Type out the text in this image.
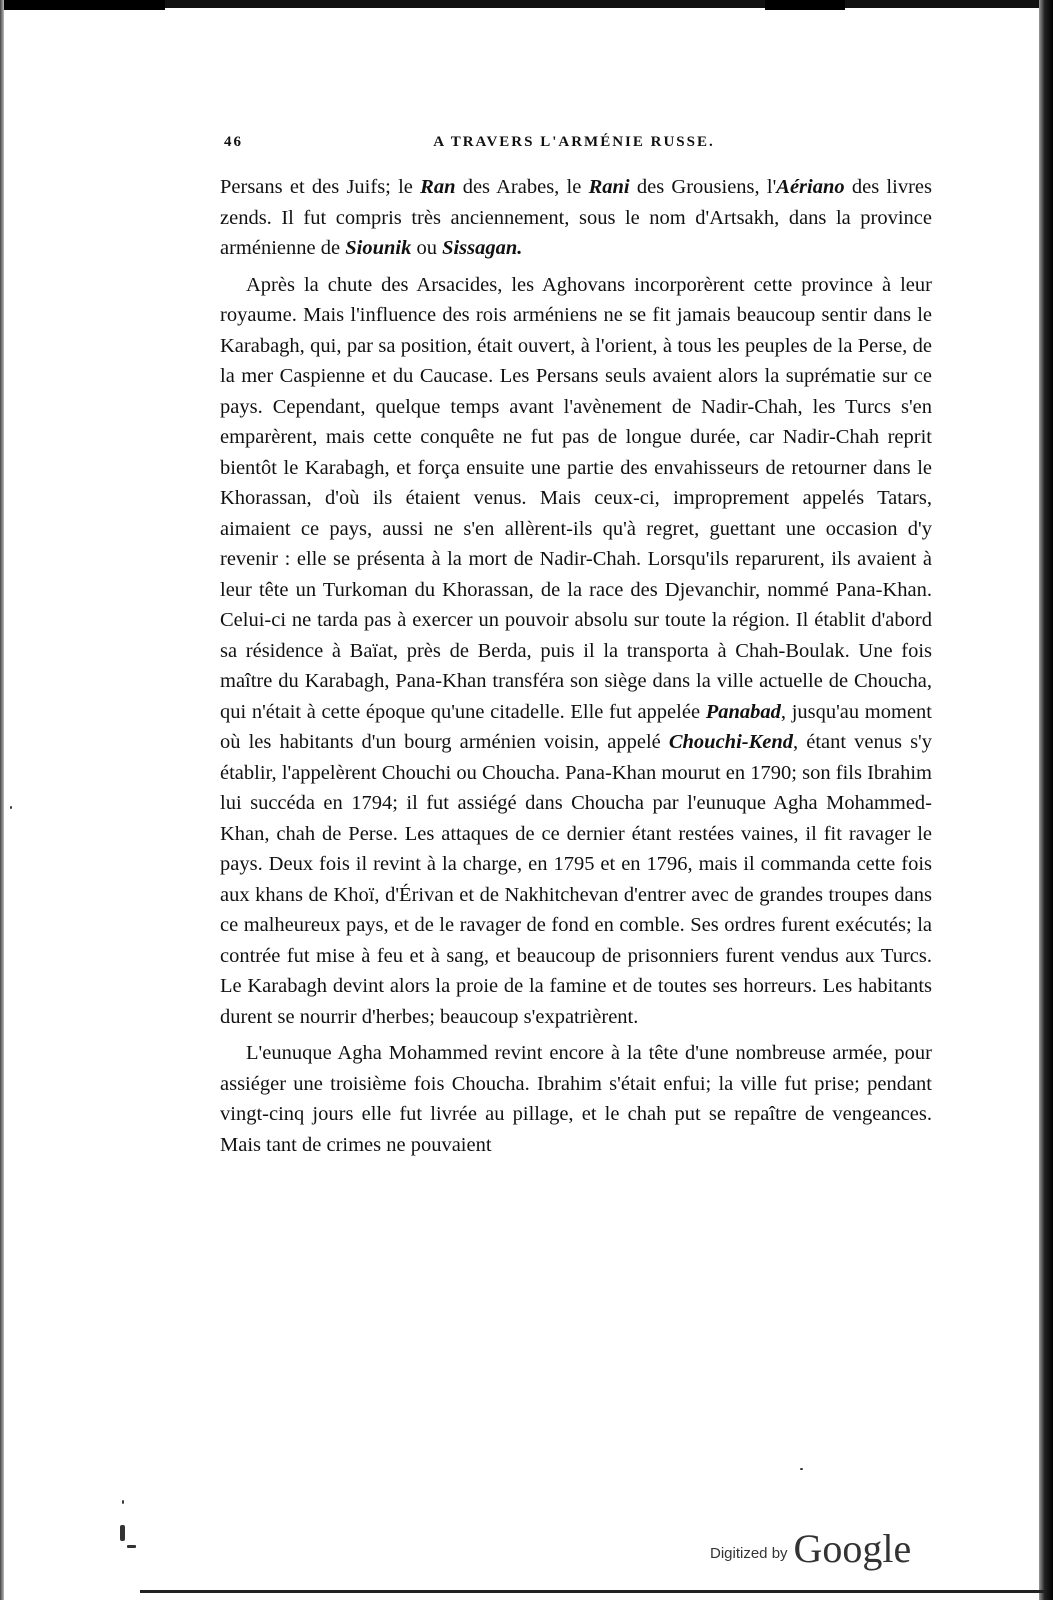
46	A TRAVERS L'ARMÉNIE RUSSE.

Persans et des Juifs; le Ran des Arabes, le Rani des Grousiens, l'Aériano des livres zends. Il fut compris très anciennement, sous le nom d'Artsakh, dans la province arménienne de Siounik ou Sissagan.

Après la chute des Arsacides, les Aghovans incorporèrent cette province à leur royaume. Mais l'influence des rois arméniens ne se fit jamais beaucoup sentir dans le Karabagh, qui, par sa position, était ouvert, à l'orient, à tous les peuples de la Perse, de la mer Caspienne et du Caucase. Les Persans seuls avaient alors la suprématie sur ce pays. Cependant, quelque temps avant l'avènement de Nadir-Chah, les Turcs s'en emparèrent, mais cette conquête ne fut pas de longue durée, car Nadir-Chah reprit bientôt le Karabagh, et força ensuite une partie des envahisseurs de retourner dans le Khorassan, d'où ils étaient venus. Mais ceux-ci, improprement appelés Tatars, aimaient ce pays, aussi ne s'en allèrent-ils qu'à regret, guettant une occasion d'y revenir : elle se présenta à la mort de Nadir-Chah. Lorsqu'ils reparurent, ils avaient à leur tête un Turkoman du Khorassan, de la race des Djevanchir, nommé Pana-Khan. Celui-ci ne tarda pas à exercer un pouvoir absolu sur toute la région. Il établit d'abord sa résidence à Baïat, près de Berda, puis il la transporta à Chah-Boulak. Une fois maître du Karabagh, Pana-Khan transféra son siège dans la ville actuelle de Choucha, qui n'était à cette époque qu'une citadelle. Elle fut appelée Panabad, jusqu'au moment où les habitants d'un bourg arménien voisin, appelé Chouchi-Kend, étant venus s'y établir, l'appelèrent Chouchi ou Choucha. Pana-Khan mourut en 1790; son fils Ibrahim lui succéda en 1794; il fut assiégé dans Choucha par l'eunuque Agha Mohammed-Khan, chah de Perse. Les attaques de ce dernier étant restées vaines, il fit ravager le pays. Deux fois il revint à la charge, en 1795 et en 1796, mais il commanda cette fois aux khans de Khoï, d'Érivan et de Nakhitchevan d'entrer avec de grandes troupes dans ce malheureux pays, et de le ravager de fond en comble. Ses ordres furent exécutés; la contrée fut mise à feu et à sang, et beaucoup de prisonniers furent vendus aux Turcs. Le Karabagh devint alors la proie de la famine et de toutes ses horreurs. Les habitants durent se nourrir d'herbes; beaucoup s'expatrièrent.

L'eunuque Agha Mohammed revint encore à la tête d'une nombreuse armée, pour assiéger une troisième fois Choucha. Ibrahim s'était enfui; la ville fut prise; pendant vingt-cinq jours elle fut livrée au pillage, et le chah put se repaître de vengeances. Mais tant de crimes ne pouvaient

Digitized by Google
